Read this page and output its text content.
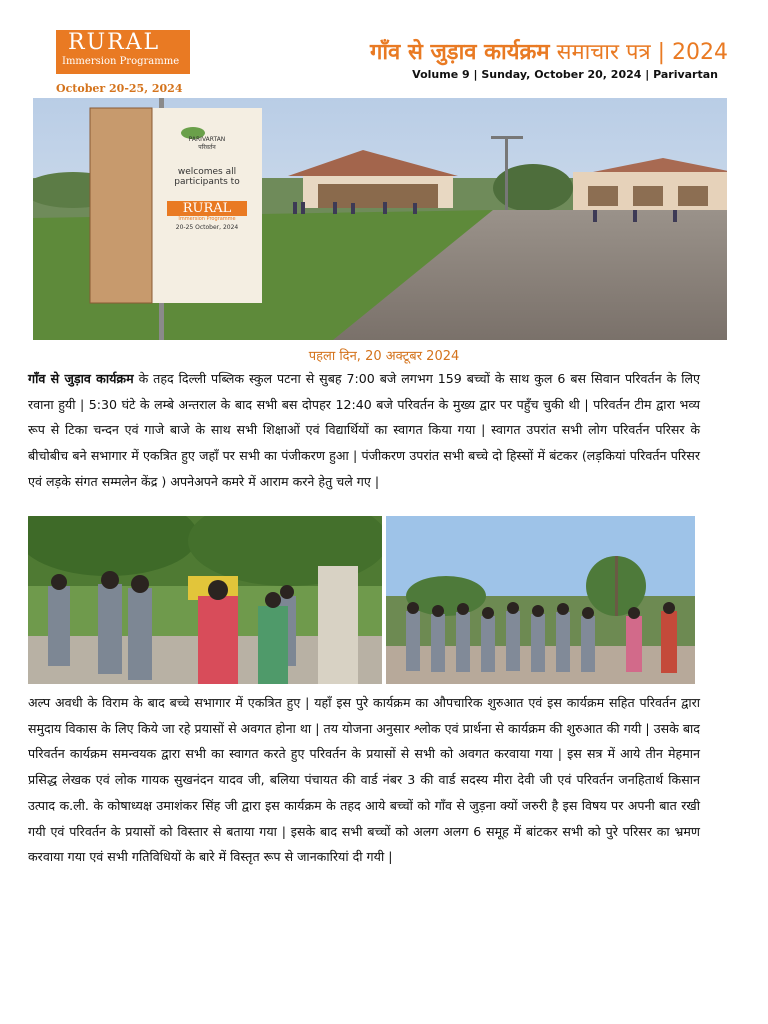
RURAL
Immersion Programme
October 20-25, 2024
गाँव से जुड़ाव कार्यक्रम समाचार पत्र | 2024
Volume 9 | Sunday, October 20, 2024 | Parivartan
PARIVARTAN
परिवर्तन
welcomes all
participants to
RURAL
Immersion Programme
20-25 October, 2024
पहला दिन, 20 अक्टूबर 2024

गाँव से जुड़ाव कार्यक्रम के तहद दिल्ली पब्लिक स्कुल पटना से सुबह 7:00 बजे लगभग 159 बच्चों के साथ कुल 6 बस सिवान परिवर्तन के लिए रवाना हुयी | 5:30 घंटे के लम्बे अन्तराल के बाद सभी बस दोपहर 12:40 बजे परिवर्तन के मुख्य द्वार पर पहुँच चुकी थी | परिवर्तन टीम द्वारा भव्य रूप से टिका चन्दन एवं गाजे बाजे के साथ सभी शिक्षाओं एवं विद्यार्थियों का स्वागत किया गया | स्वागत उपरांत सभी लोग परिवर्तन परिसर के बीचोबीच बने सभागार में एकत्रित हुए जहाँ पर सभी का पंजीकरण हुआ | पंजीकरण उपरांत सभी बच्चे दो हिस्सों में बंटकर (लड़कियां परिवर्तन परिसर एवं लड़के संगत सम्मलेन केंद्र ) अपनेअपने कमरे में आराम करने हेतु चले गए |

अल्प अवधी के विराम के बाद बच्चे सभागार में एकत्रित हुए | यहाँ इस पुरे कार्यक्रम का औपचारिक शुरुआत एवं इस कार्यक्रम सहित परिवर्तन द्वारा समुदाय विकास के लिए किये जा रहे प्रयासों से अवगत होना था | तय योजना अनुसार श्लोक एवं प्रार्थना से कार्यक्रम की शुरुआत की गयी | उसके बाद परिवर्तन कार्यक्रम समन्वयक द्वारा सभी का स्वागत करते हुए परिवर्तन के प्रयासों से सभी को अवगत करवाया गया | इस सत्र में आये तीन मेहमान प्रसिद्ध लेखक एवं लोक गायक सुखनंदन यादव जी, बलिया पंचायत की वार्ड नंबर 3 की वार्ड सदस्य मीरा देवी जी एवं परिवर्तन जनहितार्थ किसान उत्पाद क.ली. के कोषाध्यक्ष उमाशंकर सिंह जी द्वारा इस कार्यक्रम के तहद आये बच्चों को गाँव से जुड़ना क्यों जरुरी है इस विषय पर अपनी बात रखी गयी एवं परिवर्तन के प्रयासों को विस्तार से बताया गया | इसके बाद सभी बच्चों को अलग अलग 6 समूह में बांटकर सभी को पुरे परिसर का भ्रमण करवाया गया एवं सभी गतिविधियों के बारे में विस्तृत रूप से जानकारियां दी गयी |
